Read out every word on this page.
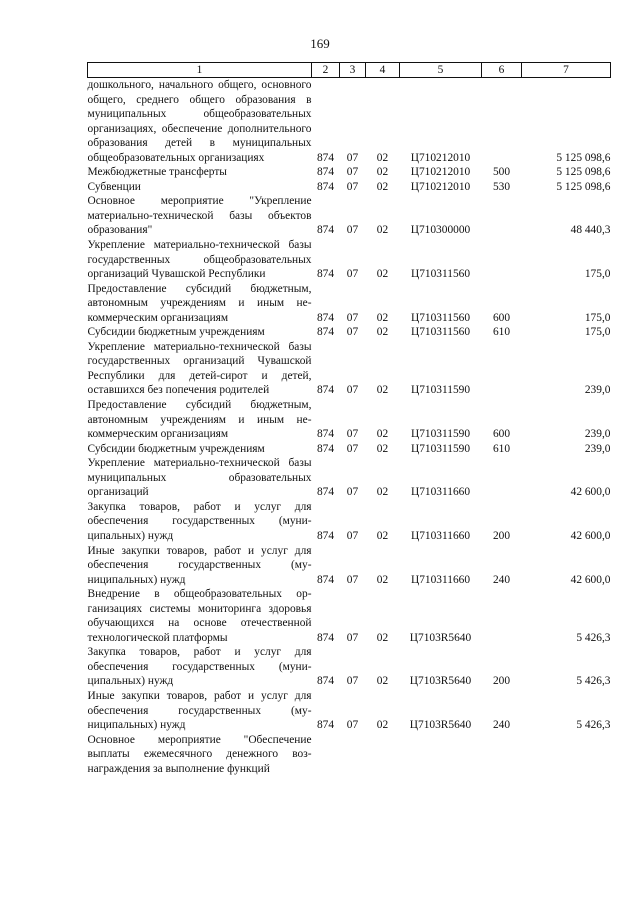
169
1	2	3	4	5	6	7
дошкольного, начального общего, основного общего, среднего общего образования в муниципальных общеобразовательных организациях, обеспечение дополнительного образования детей в муниципальных общеобразовательных организациях	874	07	02	Ц710212010		5 125 098,6
Межбюджетные трансферты	874	07	02	Ц710212010	500	5 125 098,6
Субвенции	874	07	02	Ц710212010	530	5 125 098,6
Основное мероприятие "Укрепление материально-технической базы объектов образования"	874	07	02	Ц710300000		48 440,3
Укрепление материально-технической базы государственных общеобразовательных организаций Чувашской Республики	874	07	02	Ц710311560		175,0
Предоставление субсидий бюджетным, автономным учреждениям и иным некоммерческим организациям	874	07	02	Ц710311560	600	175,0
Субсидии бюджетным учреждениям	874	07	02	Ц710311560	610	175,0
Укрепление материально-технической базы государственных организаций Чувашской Республики для детей-сирот и детей, оставшихся без попечения родителей	874	07	02	Ц710311590		239,0
Предоставление субсидий бюджетным, автономным учреждениям и иным некоммерческим организациям	874	07	02	Ц710311590	600	239,0
Субсидии бюджетным учреждениям	874	07	02	Ц710311590	610	239,0
Укрепление материально-технической базы муниципальных образовательных организаций	874	07	02	Ц710311660		42 600,0
Закупка товаров, работ и услуг для обеспечения государственных (муниципальных) нужд	874	07	02	Ц710311660	200	42 600,0
Иные закупки товаров, работ и услуг для обеспечения государственных (муниципальных) нужд	874	07	02	Ц710311660	240	42 600,0
Внедрение в общеобразовательных организациях системы мониторинга здоровья обучающихся на основе отечественной технологической платформы	874	07	02	Ц7103R5640		5 426,3
Закупка товаров, работ и услуг для обеспечения государственных (муниципальных) нужд	874	07	02	Ц7103R5640	200	5 426,3
Иные закупки товаров, работ и услуг для обеспечения государственных (муниципальных) нужд	874	07	02	Ц7103R5640	240	5 426,3
Основное мероприятие "Обеспечение выплаты ежемесячного денежного вознаграждения за выполнение функций						
